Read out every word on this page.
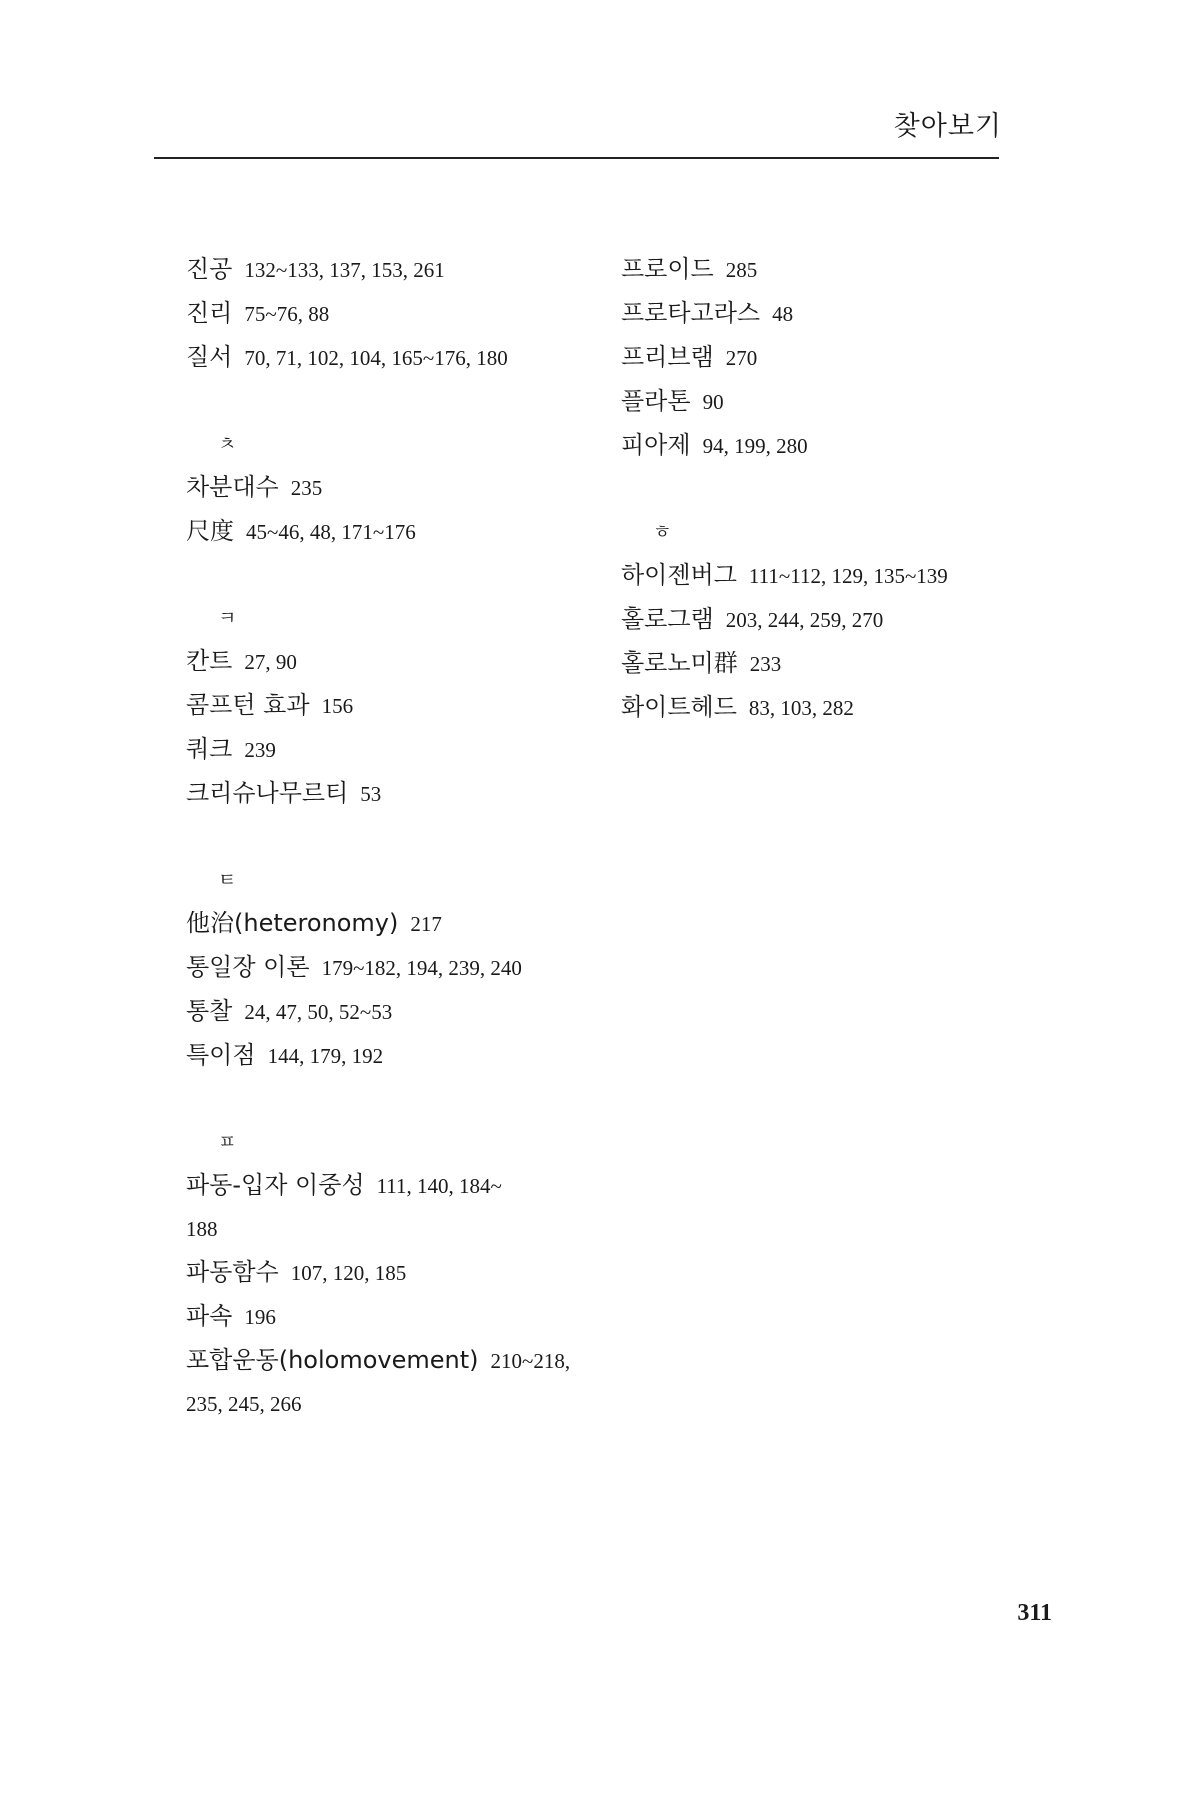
찾아보기
진공 132~133, 137, 153, 261
진리 75~76, 88
질서 70, 71, 102, 104, 165~176, 180
ㅊ
차분대수 235
尺度 45~46, 48, 171~176
ㅋ
칸트 27, 90
콤프턴 효과 156
쿼크 239
크리슈나무르티 53
ㅌ
他治(heteronomy) 217
통일장 이론 179~182, 194, 239, 240
통찰 24, 47, 50, 52~53
특이점 144, 179, 192
ㅍ
파동-입자 이중성 111, 140, 184~
188
파동함수 107, 120, 185
파속 196
포합운동(holomovement) 210~218,
235, 245, 266
프로이드 285
프로타고라스 48
프리브램 270
플라톤 90
피아제 94, 199, 280
ㅎ
하이젠버그 111~112, 129, 135~139
홀로그램 203, 244, 259, 270
홀로노미群 233
화이트헤드 83, 103, 282
311
